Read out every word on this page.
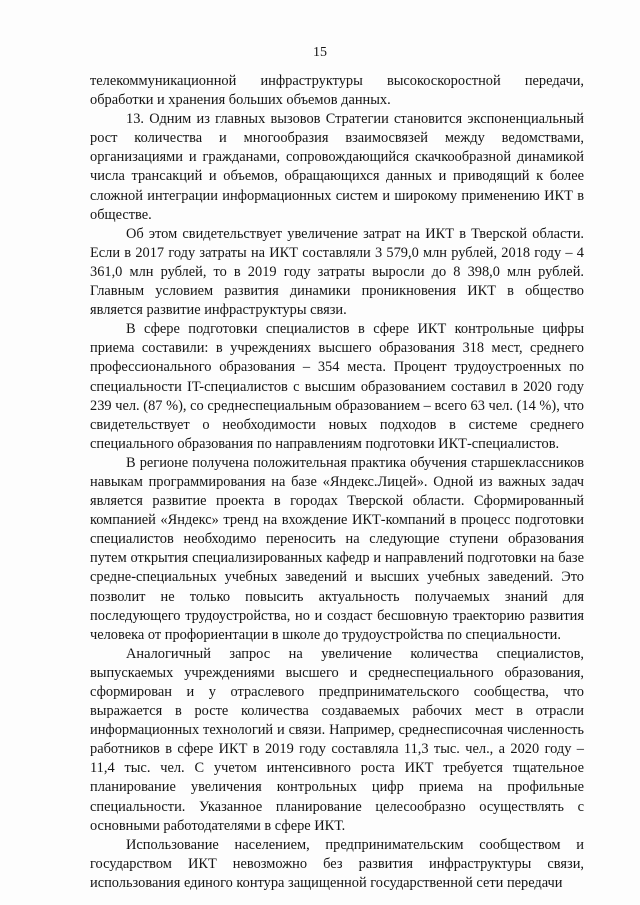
15

телекоммуникационной инфраструктуры высокоскоростной передачи, обработки и хранения больших объемов данных.

13. Одним из главных вызовов Стратегии становится экспоненциальный рост количества и многообразия взаимосвязей между ведомствами, организациями и гражданами, сопровождающийся скачкообразной динамикой числа трансакций и объемов, обращающихся данных и приводящий к более сложной интеграции информационных систем и широкому применению ИКТ в обществе.

Об этом свидетельствует увеличение затрат на ИКТ в Тверской области. Если в 2017 году затраты на ИКТ составляли 3 579,0 млн рублей, 2018 году – 4 361,0 млн рублей, то в 2019 году затраты выросли до 8 398,0 млн рублей. Главным условием развития динамики проникновения ИКТ в общество является развитие инфраструктуры связи.

В сфере подготовки специалистов в сфере ИКТ контрольные цифры приема составили: в учреждениях высшего образования 318 мест, среднего профессионального образования – 354 места. Процент трудоустроенных по специальности IT-специалистов с высшим образованием составил в 2020 году 239 чел. (87 %), со среднеспециальным образованием – всего 63 чел. (14 %), что свидетельствует о необходимости новых подходов в системе среднего специального образования по направлениям подготовки ИКТ-специалистов.

В регионе получена положительная практика обучения старшеклассников навыкам программирования на базе «Яндекс.Лицей». Одной из важных задач является развитие проекта в городах Тверской области. Сформированный компанией «Яндекс» тренд на вхождение ИКТ-компаний в процесс подготовки специалистов необходимо переносить на следующие ступени образования путем открытия специализированных кафедр и направлений подготовки на базе средне-специальных учебных заведений и высших учебных заведений. Это позволит не только повысить актуальность получаемых знаний для последующего трудоустройства, но и создаст бесшовную траекторию развития человека от профориентации в школе до трудоустройства по специальности.

Аналогичный запрос на увеличение количества специалистов, выпускаемых учреждениями высшего и среднеспециального образования, сформирован и у отраслевого предпринимательского сообщества, что выражается в росте количества создаваемых рабочих мест в отрасли информационных технологий и связи. Например, среднесписочная численность работников в сфере ИКТ в 2019 году составляла 11,3 тыс. чел., а 2020 году – 11,4 тыс. чел. С учетом интенсивного роста ИКТ требуется тщательное планирование увеличения контрольных цифр приема на профильные специальности. Указанное планирование целесообразно осуществлять с основными работодателями в сфере ИКТ.

Использование населением, предпринимательским сообществом и государством ИКТ невозможно без развития инфраструктуры связи, использования единого контура защищенной государственной сети передачи
